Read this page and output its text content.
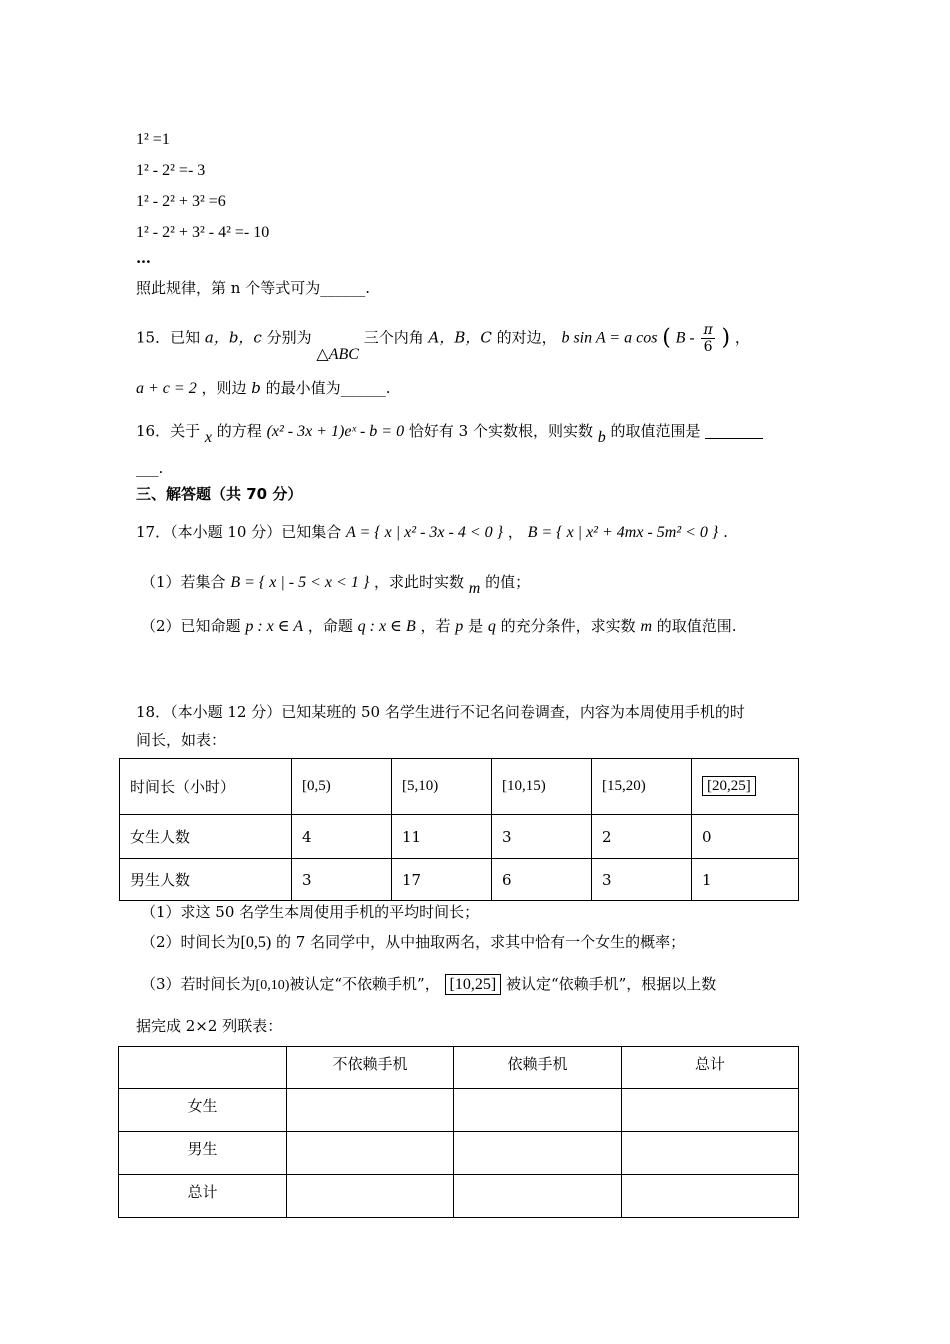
1² =1
1² - 2² =- 3
1² - 2² + 3² =6
1² - 2² + 3² - 4² =- 10
…
照此规律，第 n 个等式可为______.
15．已知 a，b，c 分别为 △ABC 三个内角 A，B，C 的对边， b sin A = a cos ( B - $\frac{\pi}{6}$ ) ，
a + c = 2 ，则边 b 的最小值为______.
16．关于 x 的方程 (x² - 3x + 1)eˣ - b = 0 恰好有 3 个实数根，则实数 b 的取值范围是
___.
三、解答题（共 70 分）
17．（本小题 10 分）已知集合 A = { x | x² - 3x - 4 < 0 } ， B = { x | x² + 4mx - 5m² < 0 } .
（1）若集合 B = { x | - 5 < x < 1 } ，求此时实数 m 的值；
（2）已知命题 p : x ∈ A ，命题 q : x ∈ B ，若 p 是 q 的充分条件，求实数 m 的取值范围.
18．（本小题 12 分）已知某班的 50 名学生进行不记名问卷调查，内容为本周使用手机的时
间长，如表：
时间长（小时）	[0,5)	[5,10)	[10,15)	[15,20)	[20,25]
女生人数	4	11	3	2	0
男生人数	3	17	6	3	1
（1）求这 50 名学生本周使用手机的平均时间长；
（2）时间长为[0,5) 的 7 名同学中，从中抽取两名，求其中恰有一个女生的概率；
（3）若时间长为[0,10)被认定“不依赖手机”， [10,25] 被认定“依赖手机”，根据以上数
据完成 2×2 列联表：
	不依赖手机	依赖手机	总计
女生			
男生			
总计			
